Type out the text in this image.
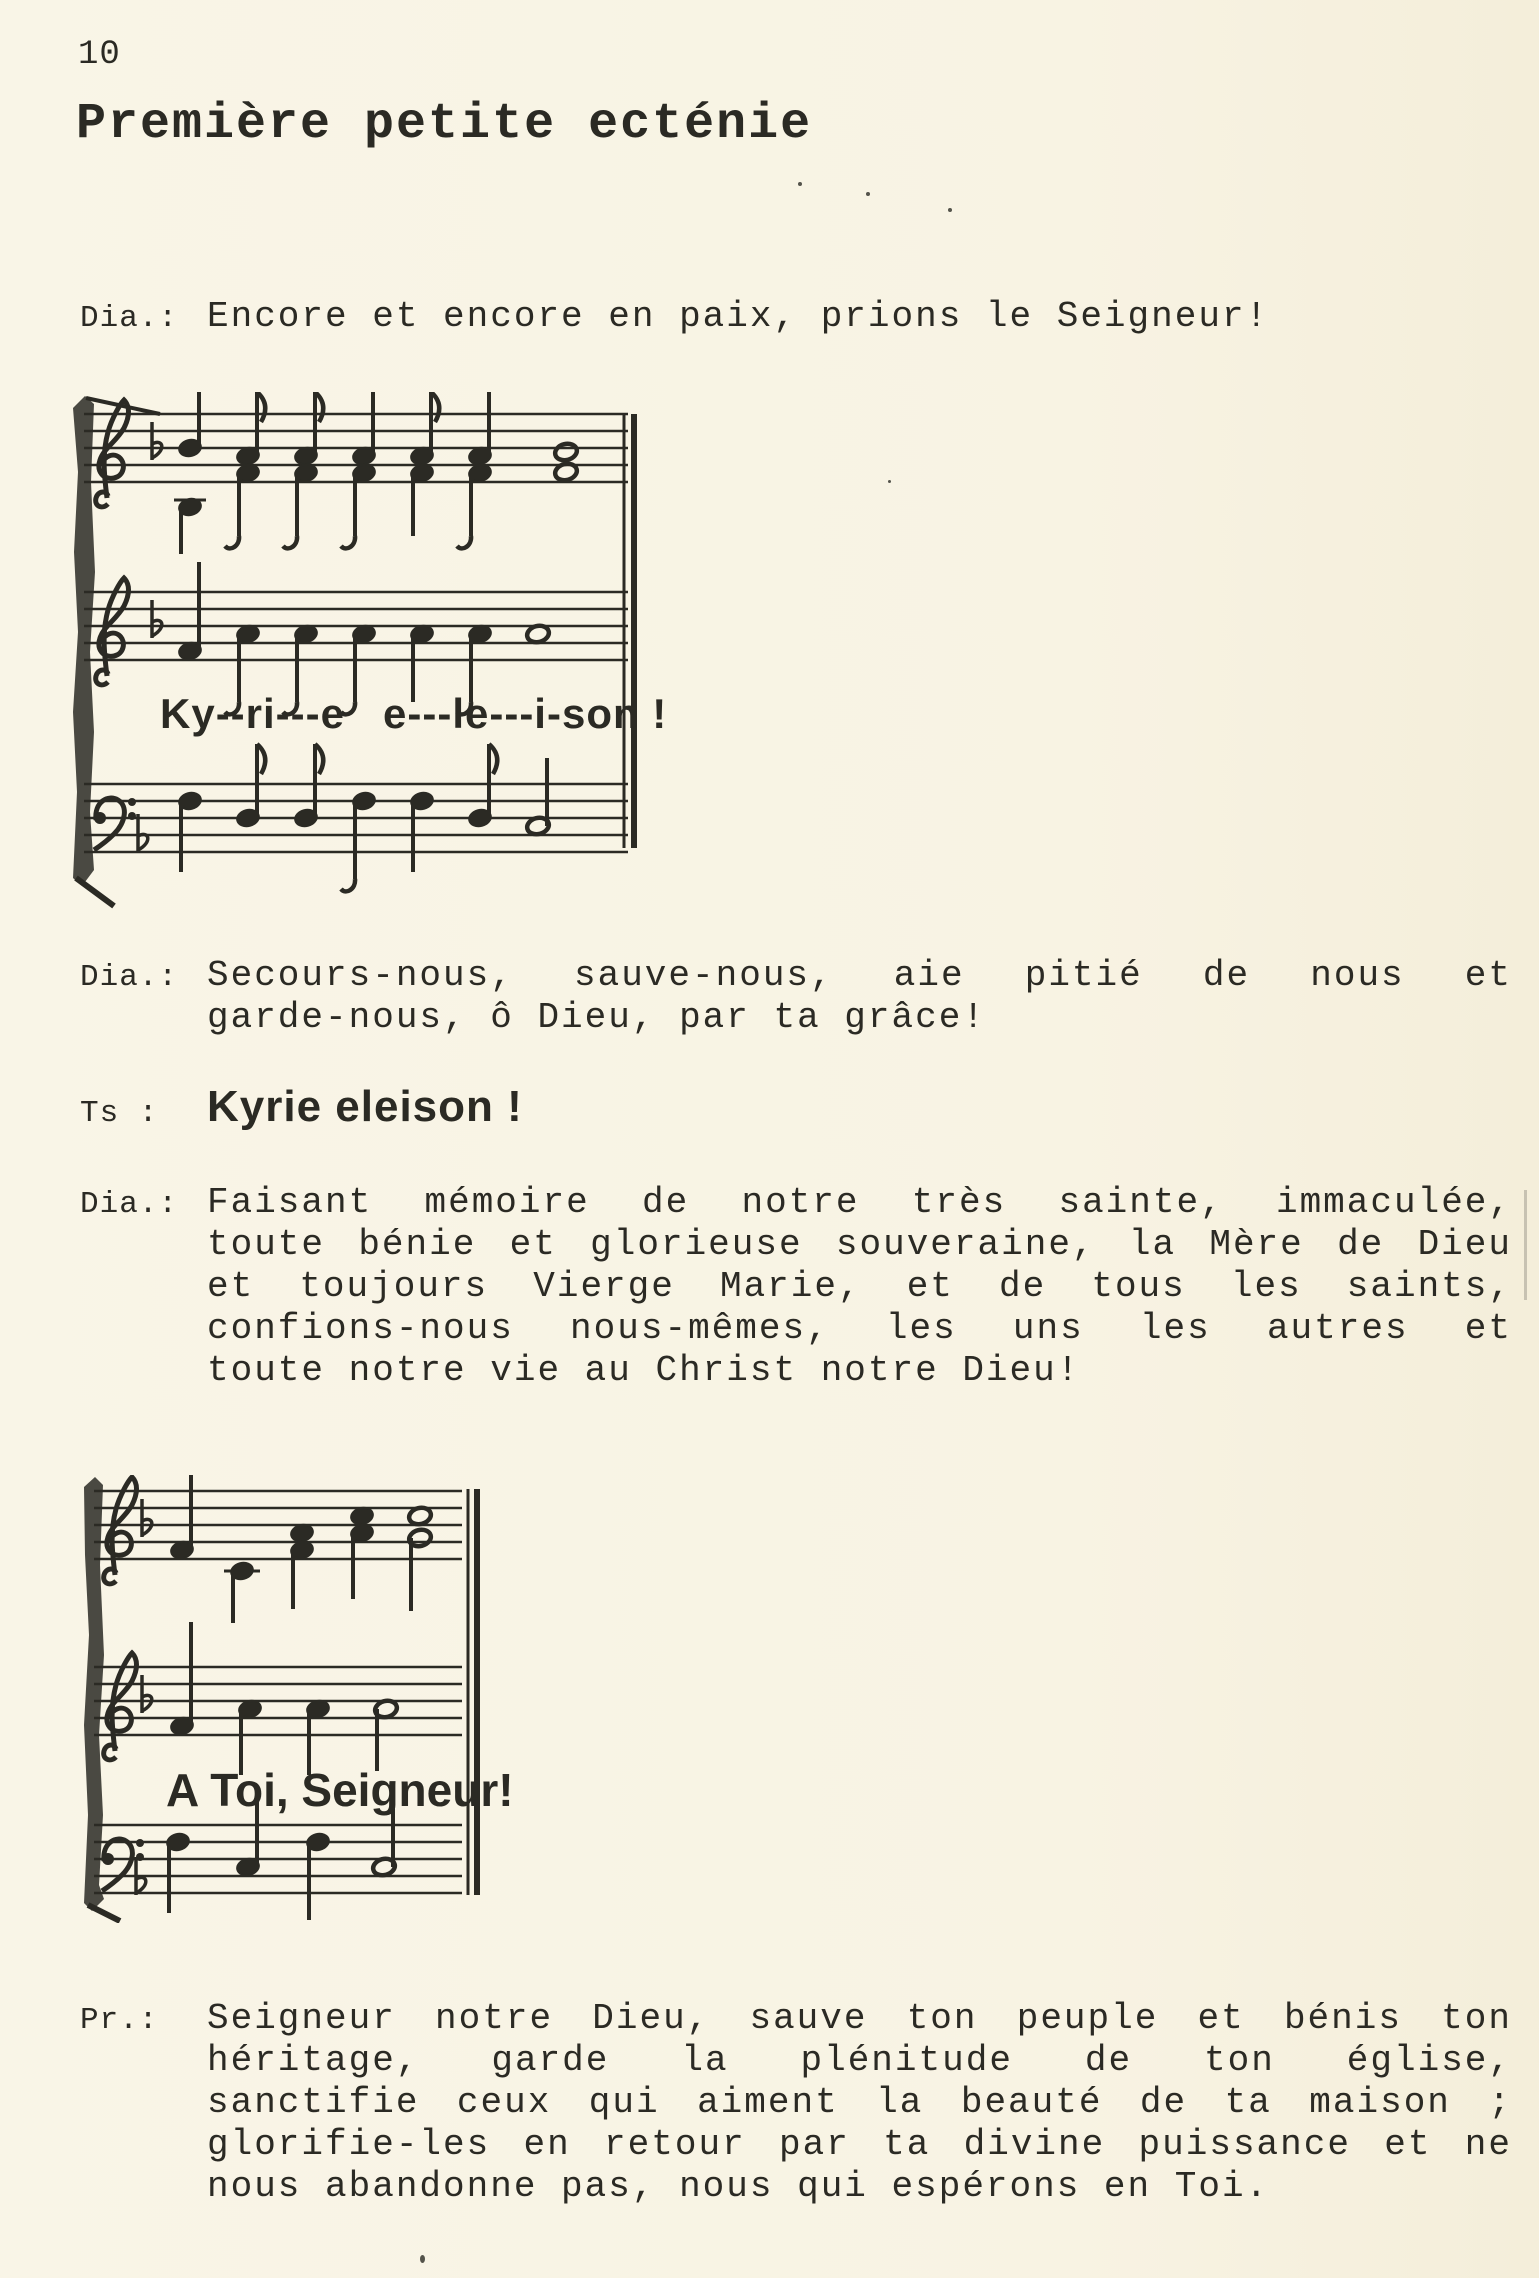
10
Première petite ecténie
Dia.: Encore et encore en paix, prions le Seigneur!
Ky--ri---e   e---le---i-son !
Dia.: Secours-nous, sauve-nous, aie pitié de nous et
garde-nous, ô Dieu, par ta grâce!
Ts :	Kyrie eleison !
Dia.: Faisant mémoire de notre très sainte, immaculée,
toute bénie et glorieuse souveraine, la Mère de Dieu
et toujours Vierge Marie, et de tous les saints,
confions-nous nous-mêmes, les uns les autres et
toute notre vie au Christ notre Dieu!
A Toi, Seigneur!
Pr.:	Seigneur notre Dieu, sauve ton peuple et bénis ton
héritage, garde la plénitude de ton église,
sanctifie ceux qui aiment la beauté de ta maison ;
glorifie-les en retour par ta divine puissance et ne
nous abandonne pas, nous qui espérons en Toi.
